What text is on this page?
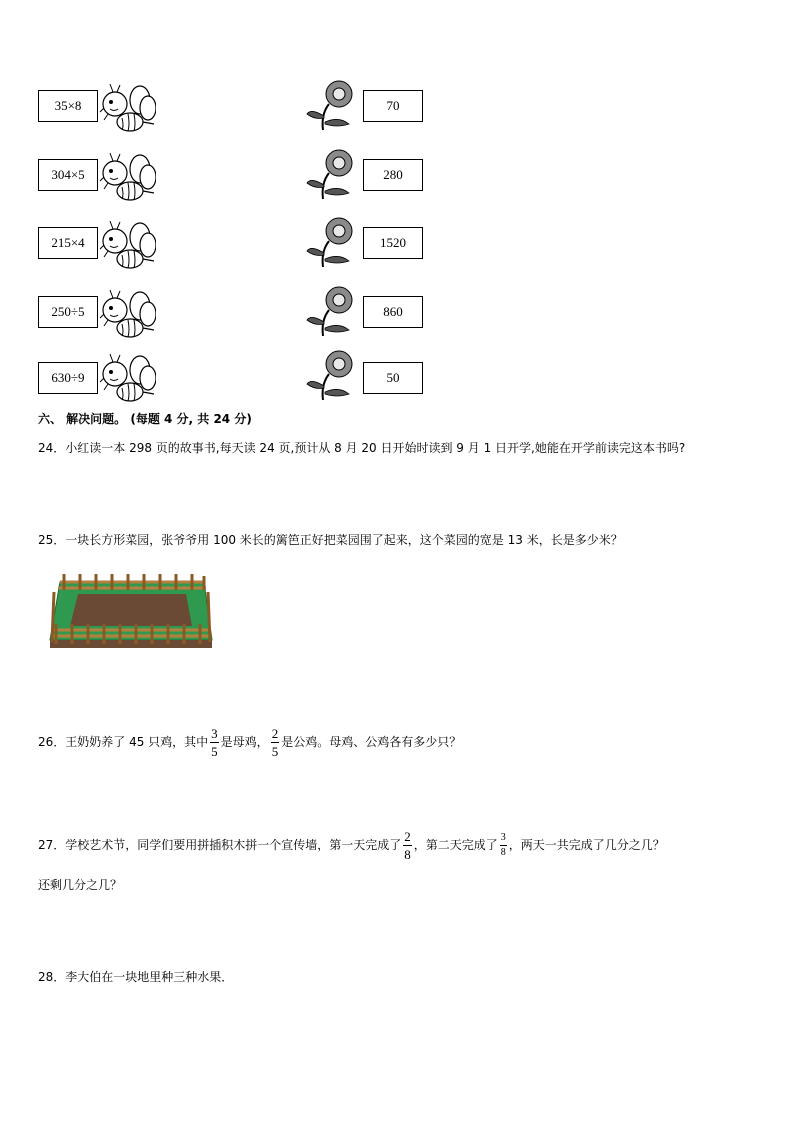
35×8	70
304×5	280
215×4	1520
250÷5	860
630÷9	50
六、 解决问题。 (每题 4 分, 共 24 分)
24．小红读一本 298 页的故事书,每天读 24 页,预计从 8 月 20 日开始时读到 9 月 1 日开学,她能在开学前读完这本书吗?
25．一块长方形菜园，张爷爷用 100 米长的篱笆正好把菜园围了起来，这个菜园的宽是 13 米，长是多少米？
26．王奶奶养了 45 只鸡，其中 $\frac{3}{5}$ 是母鸡， $\frac{2}{5}$ 是公鸡。母鸡、公鸡各有多少只？
27．学校艺术节，同学们要用拼插积木拼一个宣传墙，第一天完成了 $\frac{2}{8}$ ，第二天完成了 $\frac{3}{8}$ ，两天一共完成了几分之几？
还剩几分之几？
28．李大伯在一块地里种三种水果．
